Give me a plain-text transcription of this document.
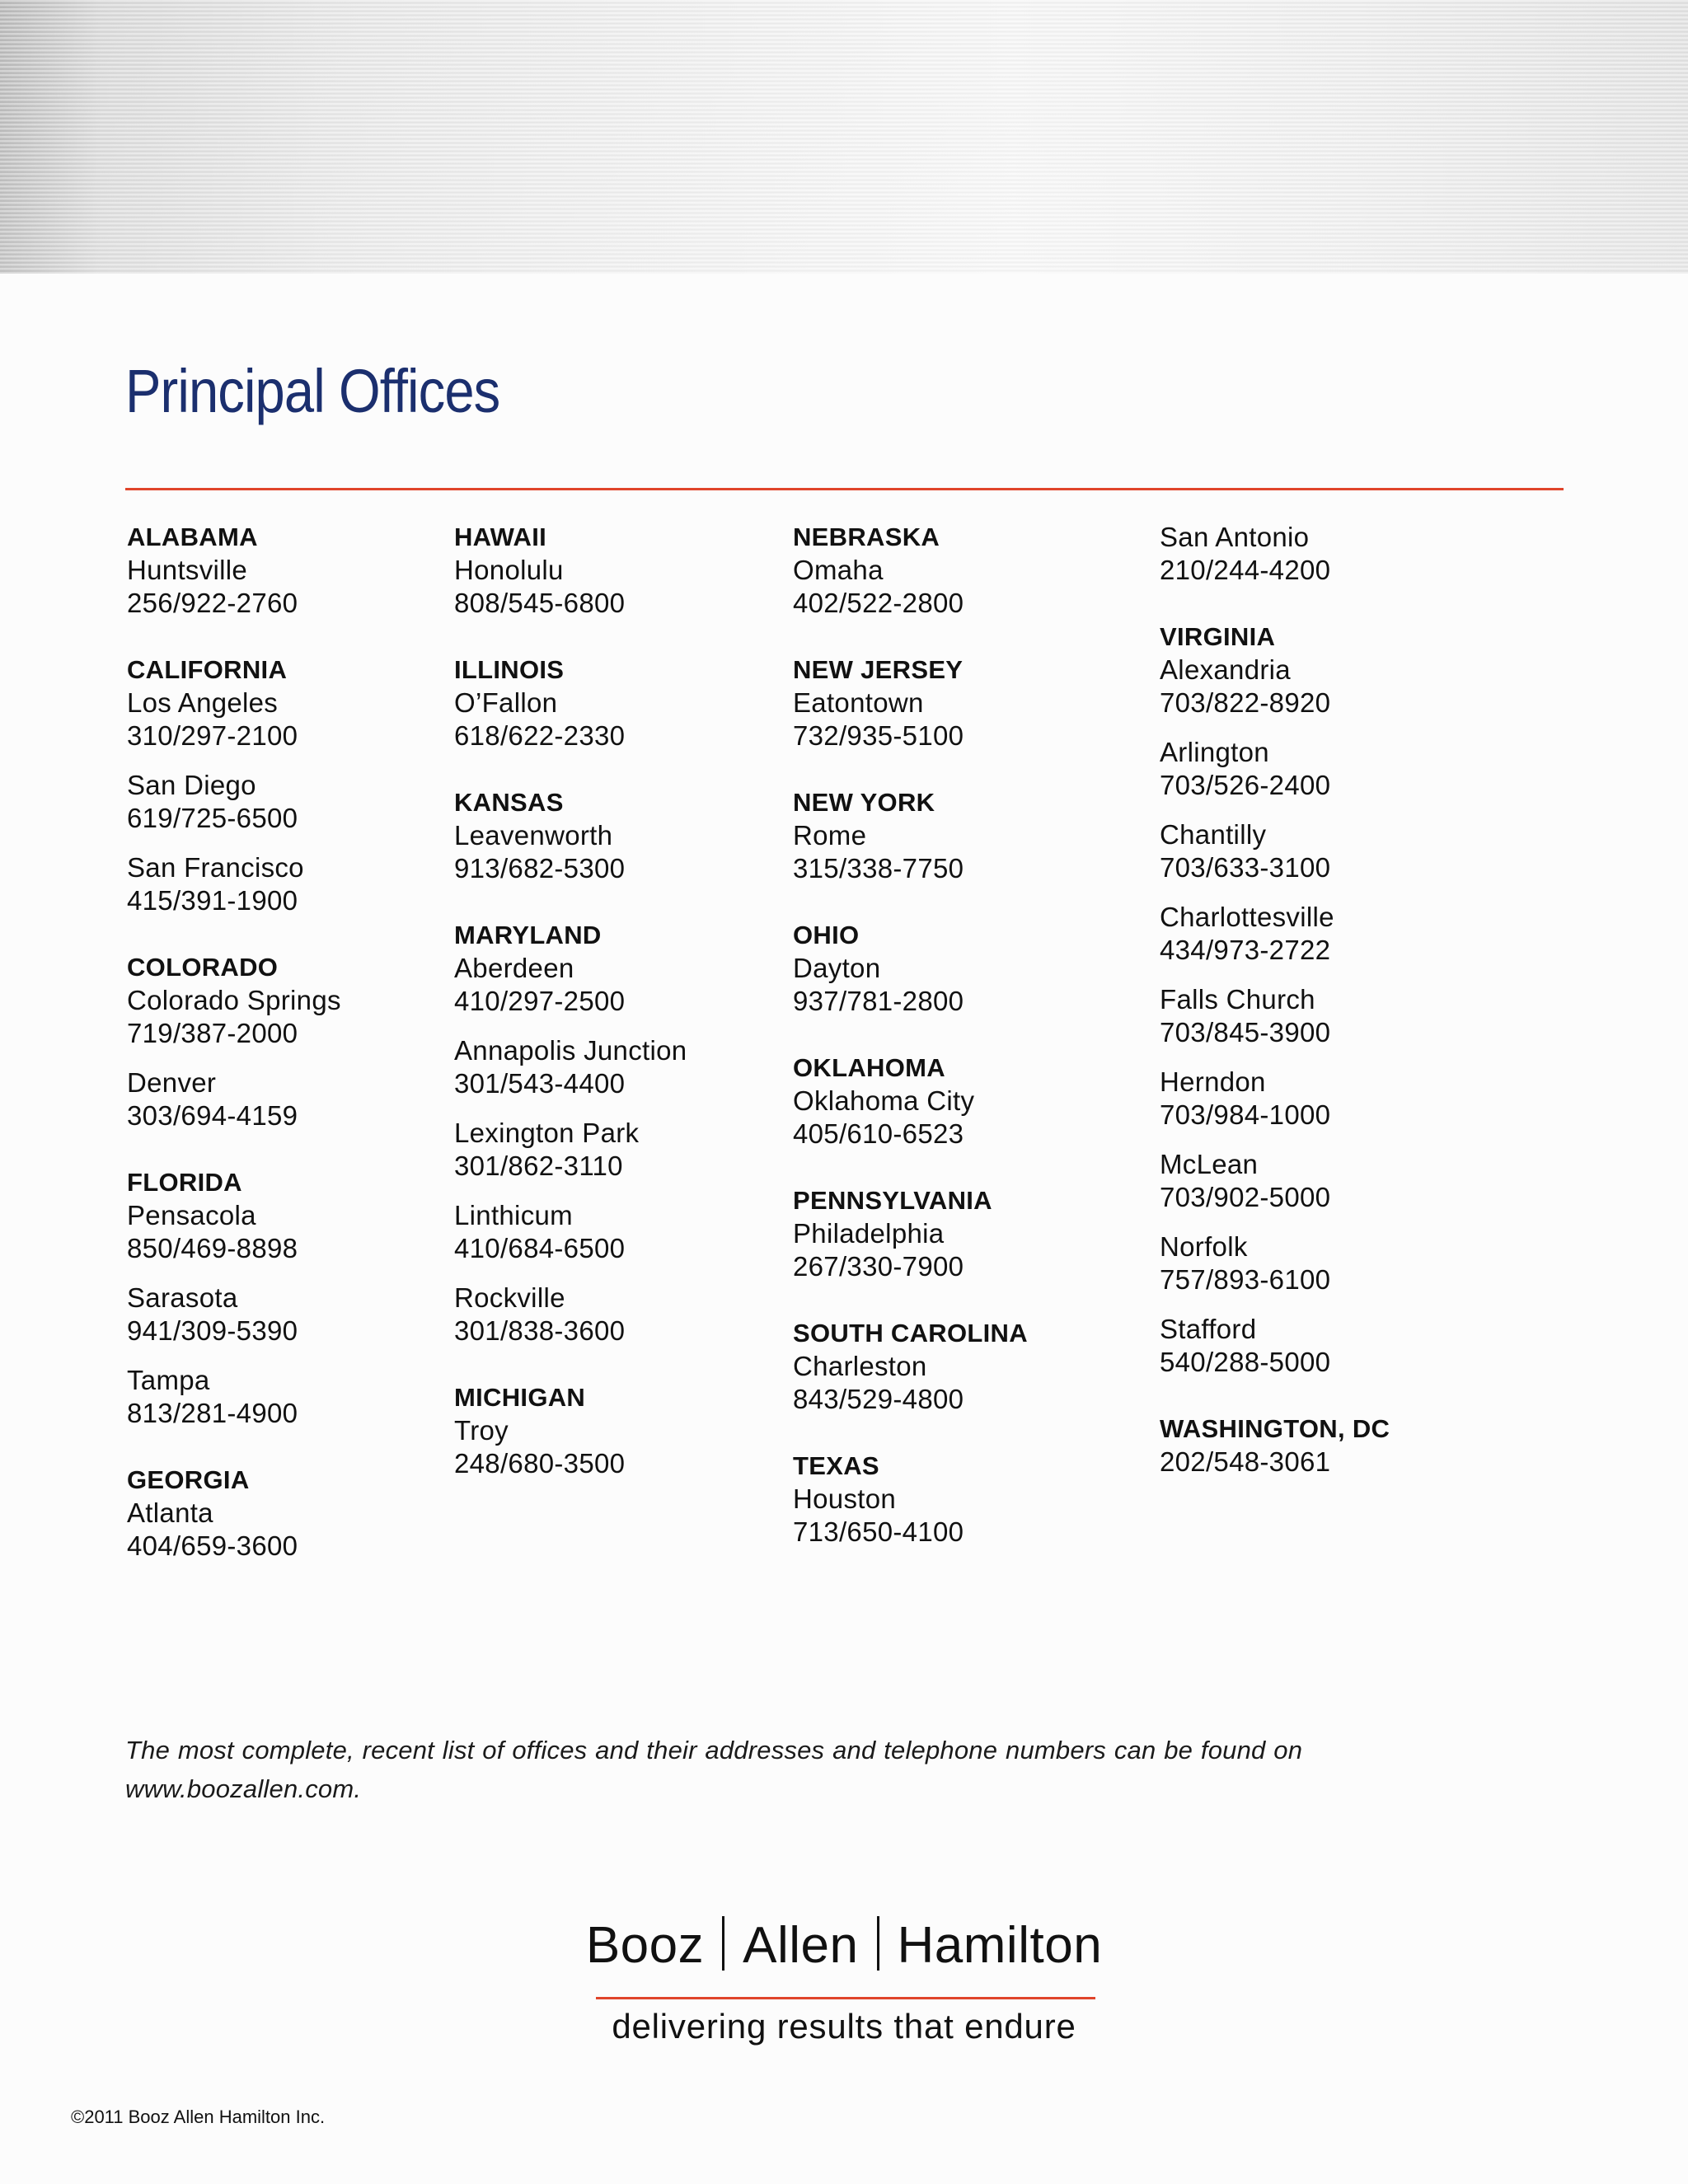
Principal Offices
ALABAMA
Huntsville
256/922-2760
CALIFORNIA
Los Angeles
310/297-2100
San Diego
619/725-6500
San Francisco
415/391-1900
COLORADO
Colorado Springs
719/387-2000
Denver
303/694-4159
FLORIDA
Pensacola
850/469-8898
Sarasota
941/309-5390
Tampa
813/281-4900
GEORGIA
Atlanta
404/659-3600
HAWAII
Honolulu
808/545-6800
ILLINOIS
O’Fallon
618/622-2330
KANSAS
Leavenworth
913/682-5300
MARYLAND
Aberdeen
410/297-2500
Annapolis Junction
301/543-4400
Lexington Park
301/862-3110
Linthicum
410/684-6500
Rockville
301/838-3600
MICHIGAN
Troy
248/680-3500
NEBRASKA
Omaha
402/522-2800
NEW JERSEY
Eatontown
732/935-5100
NEW YORK
Rome
315/338-7750
OHIO
Dayton
937/781-2800
OKLAHOMA
Oklahoma City
405/610-6523
PENNSYLVANIA
Philadelphia
267/330-7900
SOUTH CAROLINA
Charleston
843/529-4800
TEXAS
Houston
713/650-4100
San Antonio
210/244-4200
VIRGINIA
Alexandria
703/822-8920
Arlington
703/526-2400
Chantilly
703/633-3100
Charlottesville
434/973-2722
Falls Church
703/845-3900
Herndon
703/984-1000
McLean
703/902-5000
Norfolk
757/893-6100
Stafford
540/288-5000
WASHINGTON, DC
202/548-3061
The most complete, recent list of offices and their addresses and telephone numbers can be found on
www.boozallen.com.
Booz Allen Hamilton
delivering results that endure
©2011 Booz Allen Hamilton Inc.
